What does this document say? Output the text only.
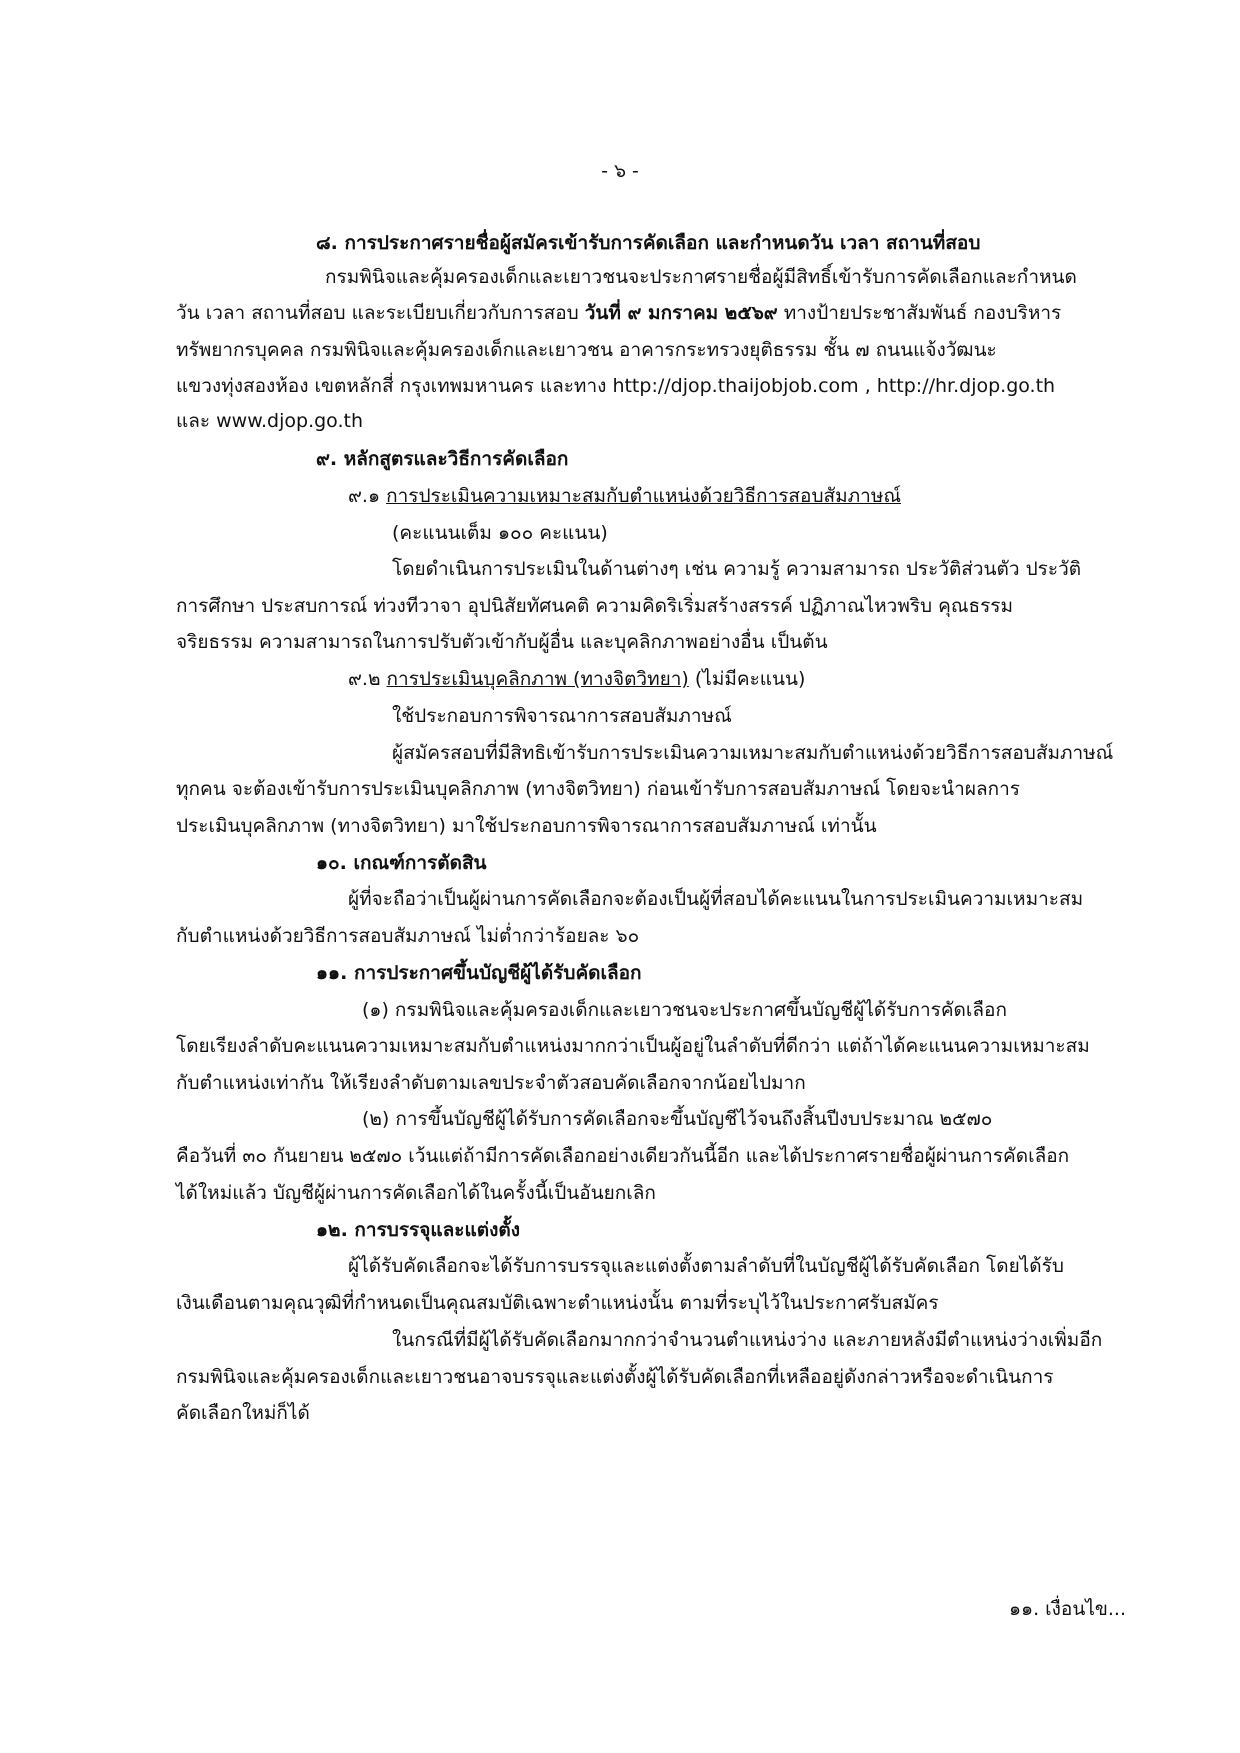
- ๖ -

๘. การประกาศรายชื่อผู้สมัครเข้ารับการคัดเลือก และกำหนดวัน เวลา สถานที่สอบ

กรมพินิจและคุ้มครองเด็กและเยาวชนจะประกาศรายชื่อผู้มีสิทธิ์เข้ารับการคัดเลือกและกำหนด

วัน เวลา สถานที่สอบ และระเบียบเกี่ยวกับการสอบ วันที่ ๙ มกราคม ๒๕๖๙ ทางป้ายประชาสัมพันธ์ กองบริหาร

ทรัพยากรบุคคล กรมพินิจและคุ้มครองเด็กและเยาวชน อาคารกระทรวงยุติธรรม ชั้น ๗ ถนนแจ้งวัฒนะ

แขวงทุ่งสองห้อง เขตหลักสี่ กรุงเทพมหานคร และทาง http://djop.thaijobjob.com , http://hr.djop.go.th

และ www.djop.go.th

๙. หลักสูตรและวิธีการคัดเลือก

๙.๑ การประเมินความเหมาะสมกับตำแหน่งด้วยวิธีการสอบสัมภาษณ์

(คะแนนเต็ม ๑๐๐ คะแนน)

โดยดำเนินการประเมินในด้านต่างๆ เช่น ความรู้ ความสามารถ ประวัติส่วนตัว ประวัติ

การศึกษา ประสบการณ์ ท่วงทีวาจา อุปนิสัยทัศนคติ ความคิดริเริ่มสร้างสรรค์ ปฏิภาณไหวพริบ คุณธรรม

จริยธรรม ความสามารถในการปรับตัวเข้ากับผู้อื่น และบุคลิกภาพอย่างอื่น เป็นต้น

๙.๒ การประเมินบุคลิกภาพ (ทางจิตวิทยา) (ไม่มีคะแนน)

ใช้ประกอบการพิจารณาการสอบสัมภาษณ์

ผู้สมัครสอบที่มีสิทธิเข้ารับการประเมินความเหมาะสมกับตำแหน่งด้วยวิธีการสอบสัมภาษณ์

ทุกคน จะต้องเข้ารับการประเมินบุคลิกภาพ (ทางจิตวิทยา) ก่อนเข้ารับการสอบสัมภาษณ์ โดยจะนำผลการ

ประเมินบุคลิกภาพ (ทางจิตวิทยา) มาใช้ประกอบการพิจารณาการสอบสัมภาษณ์ เท่านั้น

๑๐. เกณฑ์การตัดสิน

ผู้ที่จะถือว่าเป็นผู้ผ่านการคัดเลือกจะต้องเป็นผู้ที่สอบได้คะแนนในการประเมินความเหมาะสม

กับตำแหน่งด้วยวิธีการสอบสัมภาษณ์ ไม่ต่ำกว่าร้อยละ ๖๐

๑๑. การประกาศขึ้นบัญชีผู้ได้รับคัดเลือก

(๑) กรมพินิจและคุ้มครองเด็กและเยาวชนจะประกาศขึ้นบัญชีผู้ได้รับการคัดเลือก

โดยเรียงลำดับคะแนนความเหมาะสมกับตำแหน่งมากกว่าเป็นผู้อยู่ในลำดับที่ดีกว่า แต่ถ้าได้คะแนนความเหมาะสม

กับตำแหน่งเท่ากัน ให้เรียงลำดับตามเลขประจำตัวสอบคัดเลือกจากน้อยไปมาก

(๒) การขึ้นบัญชีผู้ได้รับการคัดเลือกจะขึ้นบัญชีไว้จนถึงสิ้นปีงบประมาณ ๒๕๗๐

คือวันที่ ๓๐ กันยายน ๒๕๗๐ เว้นแต่ถ้ามีการคัดเลือกอย่างเดียวกันนี้อีก และได้ประกาศรายชื่อผู้ผ่านการคัดเลือก

ได้ใหม่แล้ว บัญชีผู้ผ่านการคัดเลือกได้ในครั้งนี้เป็นอันยกเลิก

๑๒. การบรรจุและแต่งตั้ง

ผู้ได้รับคัดเลือกจะได้รับการบรรจุและแต่งตั้งตามลำดับที่ในบัญชีผู้ได้รับคัดเลือก โดยได้รับ

เงินเดือนตามคุณวุฒิที่กำหนดเป็นคุณสมบัติเฉพาะตำแหน่งนั้น ตามที่ระบุไว้ในประกาศรับสมัคร

ในกรณีที่มีผู้ได้รับคัดเลือกมากกว่าจำนวนตำแหน่งว่าง และภายหลังมีตำแหน่งว่างเพิ่มอีก

กรมพินิจและคุ้มครองเด็กและเยาวชนอาจบรรจุและแต่งตั้งผู้ได้รับคัดเลือกที่เหลืออยู่ดังกล่าวหรือจะดำเนินการ

คัดเลือกใหม่ก็ได้

๑๑. เงื่อนไข...
